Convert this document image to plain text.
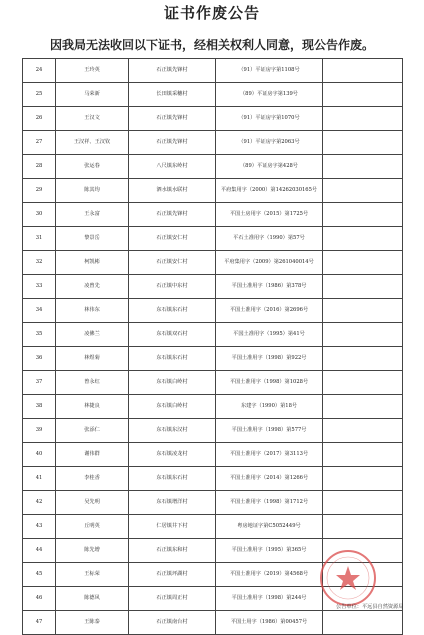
证书作废公告
因我局无法收回以下证书，经相关权利人同意，现公告作废。
24	王玲英	石正镇先锋村	（91）平证房字第1108号	
25	马荣新	长田镇采穗村	（89）平证房字第139号	
26	王汉文	石正镇先锋村	（91）平证房字第1070号	
27	王汉祥、王汉钦	石正镇先锋村	（91）平证房字第2063号	
28	张运春	八尺镇东岭村	（89）平证房字第428号	
29	陈其均	泗水镇水联村	平府集用字（2000）第14262030165号	
30	王永富	石正镇先锋村	平国土房用字（2015）第1725号	
31	黎景岳	石正镇安仁村	平石土准用字（1990）第57号	
32	柯凯彬	石正镇安仁村	平府集用字（2009）第261040014号	
33	凌曾先	石正镇中东村	平国土准用字（1986）第378号	
34	林伟东	东石镇东石村	平国土准用字（2016）第2696号	
35	凌佛兰	东石镇双石村	平国土准用字（1995）第41号	
36	林煜菊	东石镇东石村	平国土准用字（1998）第922号	
37	曾永红	东石镇白岭村	平国土准用字（1998）第1028号	
38	林捷良	东石镇白岭村	东建字（1990）第18号	
39	张添仁	东石镇东汉村	平国土准用字（1998）第577号	
40	谢伟群	东石镇凌龙村	平国土准用字（2017）第3113号	
41	李桂香	东石镇东石村	平国土准用字（2014）第1266号	
42	吴先明	东石镇增洋村	平国土准用字（1998）第1712号	
43	丘明英	仁居镇井下村	粤房地证字第C5052449号	
44	陈先增	石正镇东和村	平国土准用字（1995）第365号	
45	王标荣	石正镇坪湖村	平国土准用字（2019）第4568号	
46	陈德风	石正镇周正村	平国土准用字（1998）第244号	
47	王陈泰	石正镇南台村	平国土用字（1986）第00457号	
公告单位：平远县自然资源局
